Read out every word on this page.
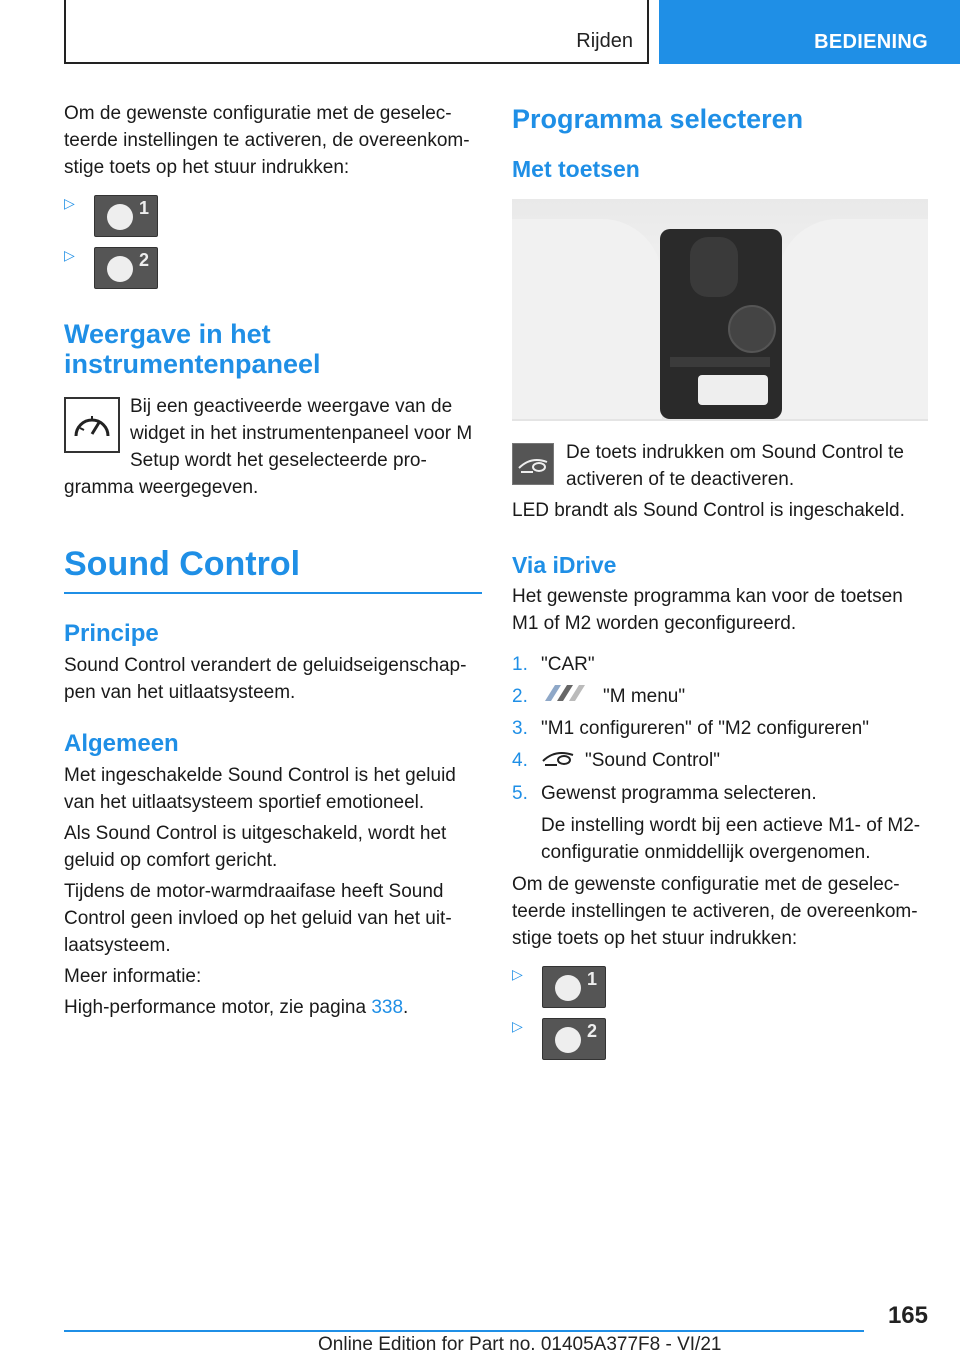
Rijden	BEDIENING

Om de gewenste configuratie met de geselec-teerde instellingen te activeren, de overeenkom-stige toets op het stuur indrukken:

▷	1
▷	2
Weergave in het instrumentenpaneel

Bij een geactiveerde weergave van de widget in het instrumentenpaneel voor M Setup wordt het geselecteerde pro-gramma weergegeven.

Sound Control
Principe

Sound Control verandert de geluidseigenschap-pen van het uitlaatsysteem.

Algemeen

Met ingeschakelde Sound Control is het geluid van het uitlaatsysteem sportief emotioneel.

Als Sound Control is uitgeschakeld, wordt het geluid op comfort gericht.

Tijdens de motor-warmdraaifase heeft Sound Control geen invloed op het geluid van het uit-laatsysteem.

Meer informatie:

High-performance motor, zie pagina 338.

Programma selecteren
Met toetsen

De toets indrukken om Sound Control te activeren of te deactiveren.

LED brandt als Sound Control is ingeschakeld.

Via iDrive

Het gewenste programma kan voor de toetsen M1 of M2 worden geconfigureerd.

1. "CAR"
2.	"M menu"
3. "M1 configureren" of "M2 configureren"
4.	"Sound Control"
5. Gewenst programma selecteren.
De instelling wordt bij een actieve M1- of M2-configuratie onmiddellijk overgenomen.

Om de gewenste configuratie met de geselec-teerde instellingen te activeren, de overeenkom-stige toets op het stuur indrukken:

▷	1
▷	2
165
Online Edition for Part no. 01405A377F8 - VI/21
